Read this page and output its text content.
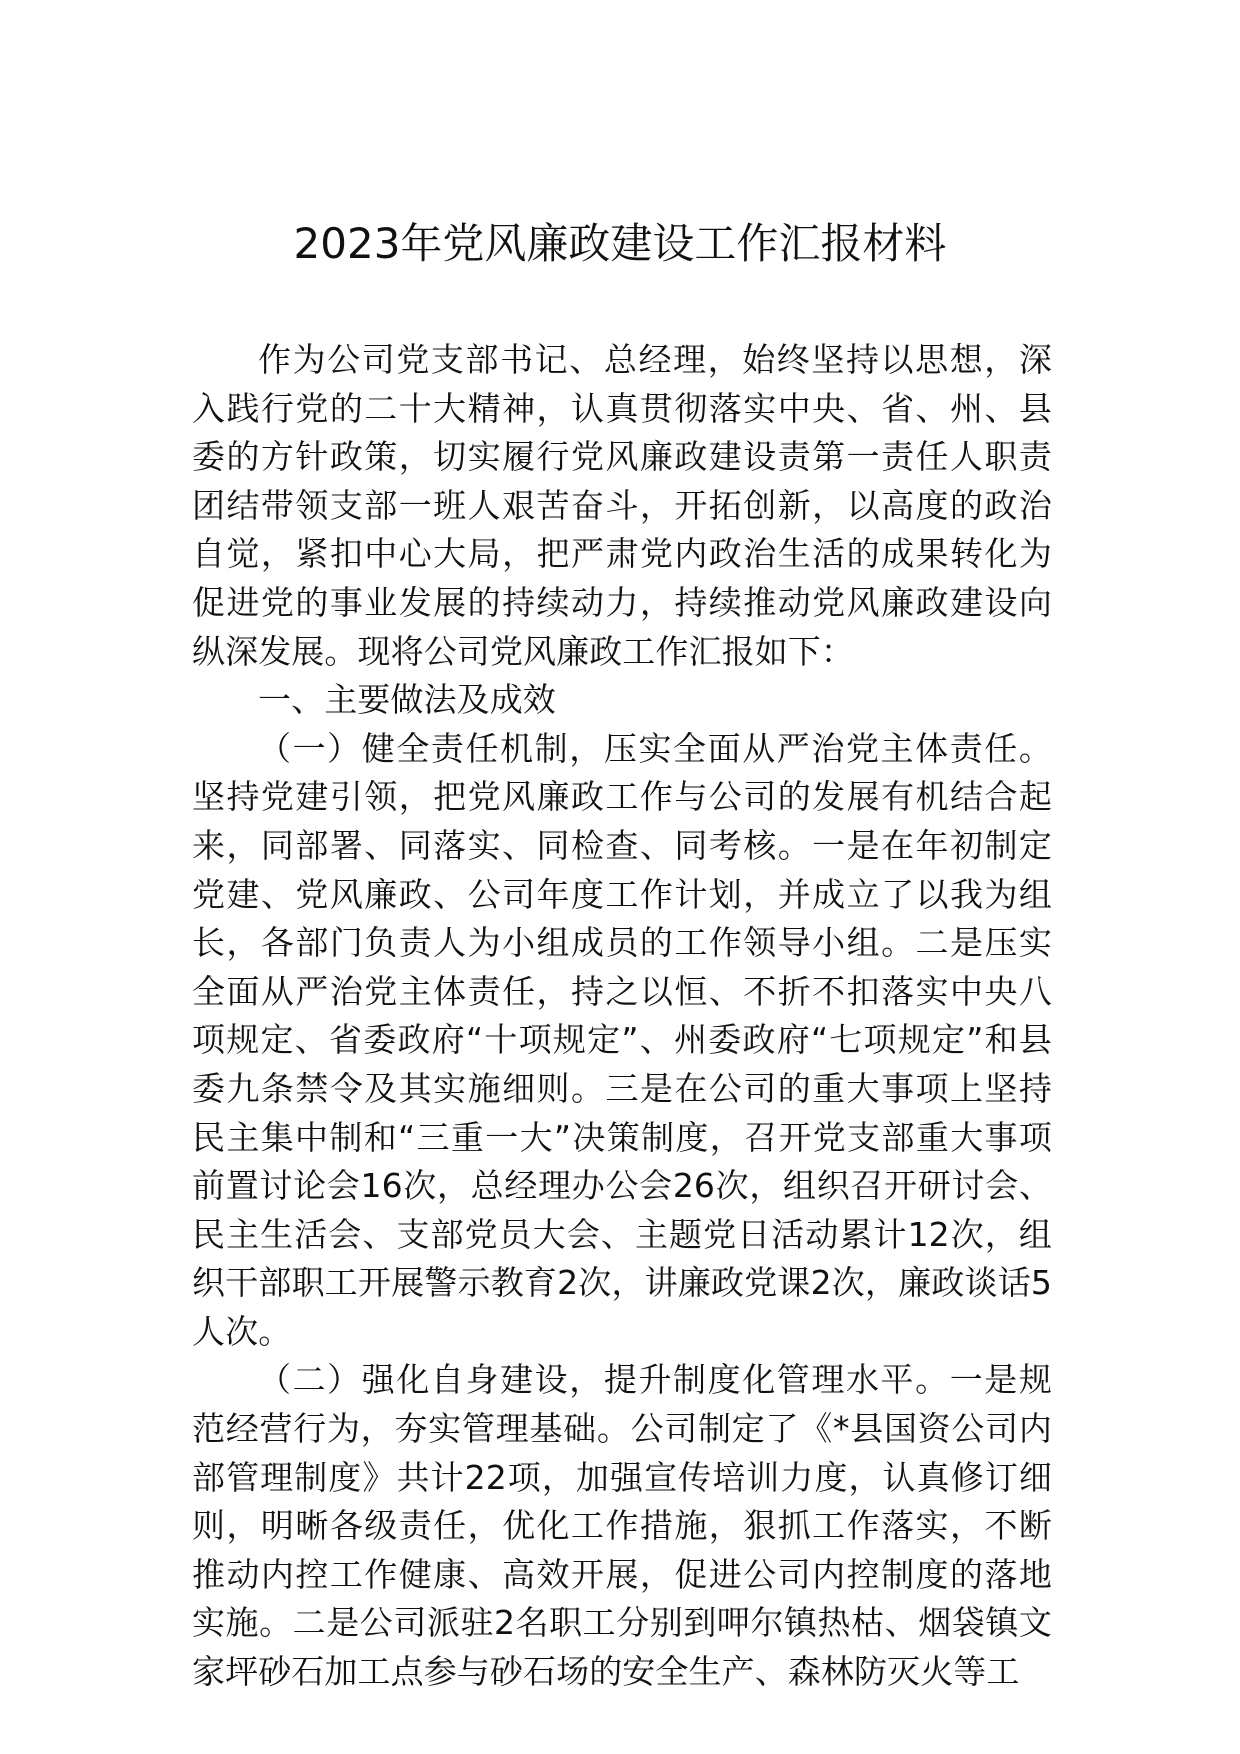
2023年党风廉政建设工作汇报材料

作为公司党支部书记、总经理，始终坚持以思想，深入践行党的二十大精神，认真贯彻落实中央、省、州、县委的方针政策，切实履行党风廉政建设责第一责任人职责团结带领支部一班人艰苦奋斗，开拓创新，以高度的政治自觉，紧扣中心大局，把严肃党内政治生活的成果转化为促进党的事业发展的持续动力，持续推动党风廉政建设向纵深发展。现将公司党风廉政工作汇报如下：

一、主要做法及成效

（一）健全责任机制，压实全面从严治党主体责任。坚持党建引领，把党风廉政工作与公司的发展有机结合起来，同部署、同落实、同检查、同考核。一是在年初制定党建、党风廉政、公司年度工作计划，并成立了以我为组长，各部门负责人为小组成员的工作领导小组。二是压实全面从严治党主体责任，持之以恒、不折不扣落实中央八项规定、省委政府“十项规定”、州委政府“七项规定”和县委九条禁令及其实施细则。三是在公司的重大事项上坚持民主集中制和“三重一大”决策制度，召开党支部重大事项前置讨论会16次，总经理办公会26次，组织召开研讨会、民主生活会、支部党员大会、主题党日活动累计12次，组织干部职工开展警示教育2次，讲廉政党课2次，廉政谈话5人次。

（二）强化自身建设，提升制度化管理水平。一是规范经营行为，夯实管理基础。公司制定了《*县国资公司内部管理制度》共计22项，加强宣传培训力度，认真修订细则，明晰各级责任，优化工作措施，狠抓工作落实，不断推动内控工作健康、高效开展，促进公司内控制度的落地实施。二是公司派驻2名职工分别到呷尔镇热枯、烟袋镇文家坪砂石加工点参与砂石场的安全生产、森林防灭火等工
